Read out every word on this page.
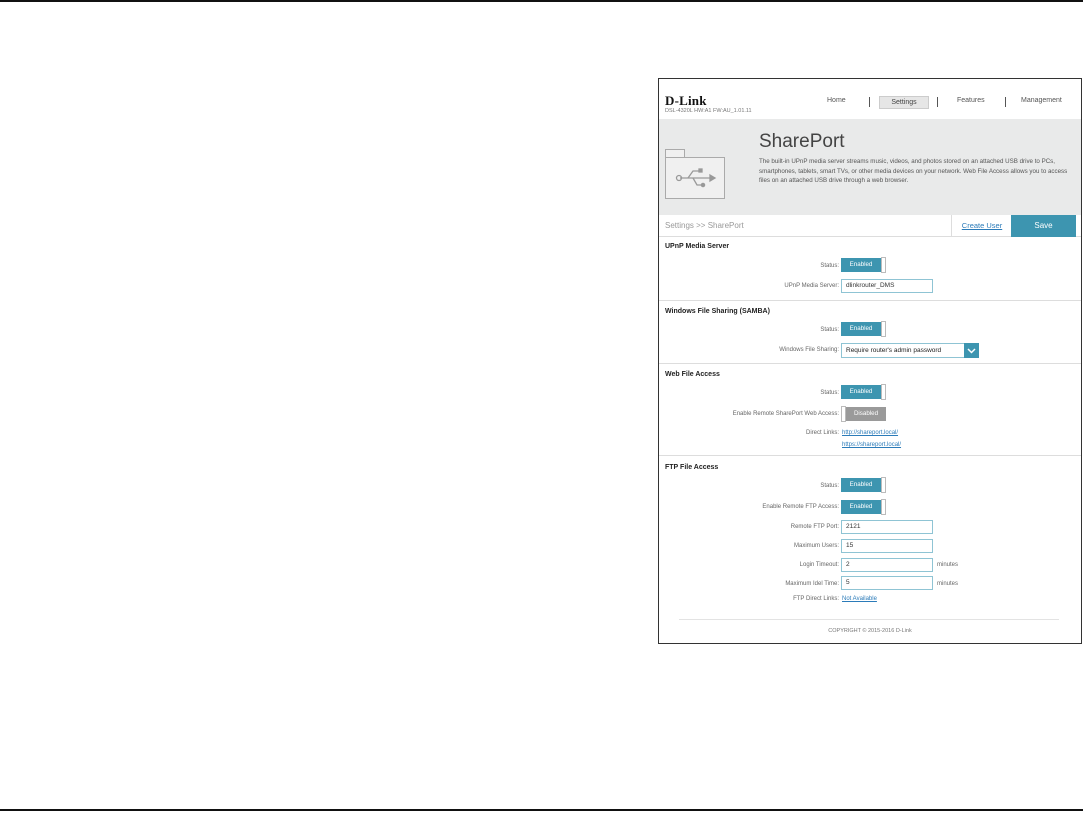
D-Link
DSL-4320L HW:A1 FW:AU_1.01.11
Home	Settings	Features	Management
SharePort
The built-in UPnP media server streams music, videos, and photos stored on an attached USB drive to PCs, smartphones, tablets, smart TVs, or other media devices on your network. Web File Access allows you to access files on an attached USB drive through a web browser.
Settings >> SharePort	Create User	Save
UPnP Media Server
Status:	Enabled
UPnP Media Server:	dlinkrouter_DMS
Windows File Sharing (SAMBA)
Status:	Enabled
Windows File Sharing:	Require router's admin password
Web File Access
Status:	Enabled
Enable Remote SharePort Web Access:	Disabled
Direct Links: http://shareport.local/
https://shareport.local/
FTP File Access
Status:	Enabled
Enable Remote FTP Access:	Enabled
Remote FTP Port:	2121
Maximum Users:	15
Login Timeout:	2	minutes
Maximum Idel Time:	5	minutes
FTP Direct Links: Not Available
COPYRIGHT © 2015-2016 D-Link
